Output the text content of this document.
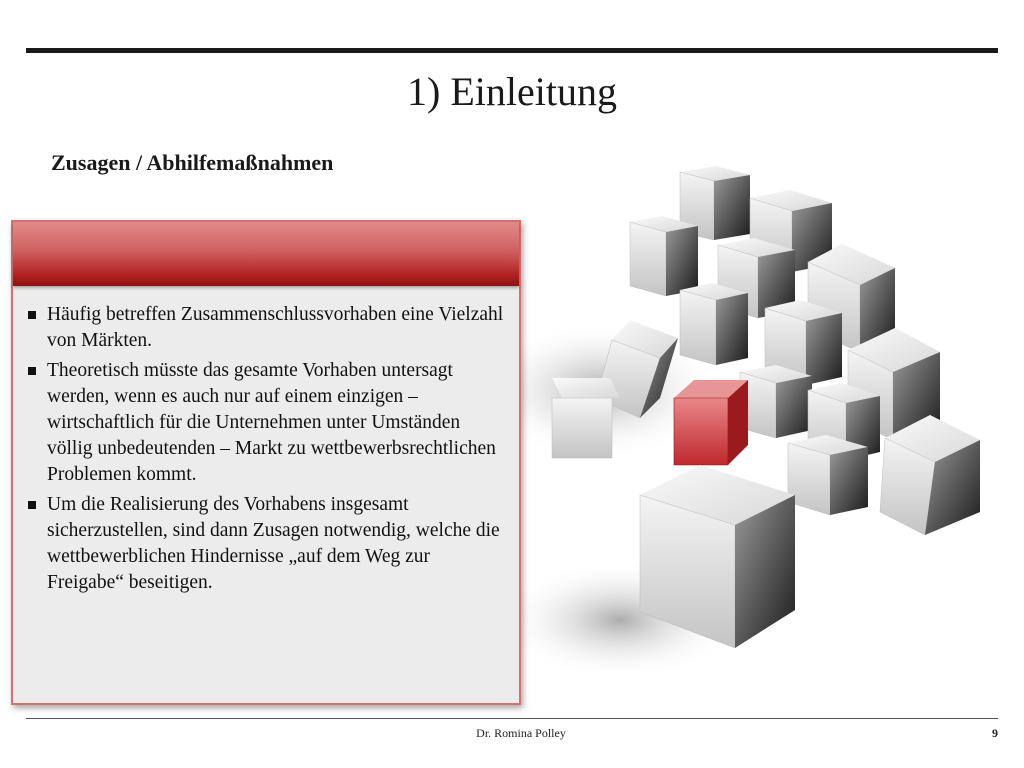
1) Einleitung
Zusagen / Abhilfemaßnahmen
Häufig betreffen Zusammenschlussvorhaben eine Vielzahl von Märkten.
Theoretisch müsste das gesamte Vorhaben untersagt werden, wenn es auch nur auf einem einzigen – wirtschaftlich für die Unternehmen unter Umständen völlig unbedeutenden – Markt zu wettbewerbsrechtlichen Problemen kommt.
Um die Realisierung des Vorhabens insgesamt sicherzustellen, sind dann Zusagen notwendig, welche die wettbewerblichen Hindernisse „auf dem Weg zur Freigabe“ beseitigen.
Dr. Romina Polley	9
